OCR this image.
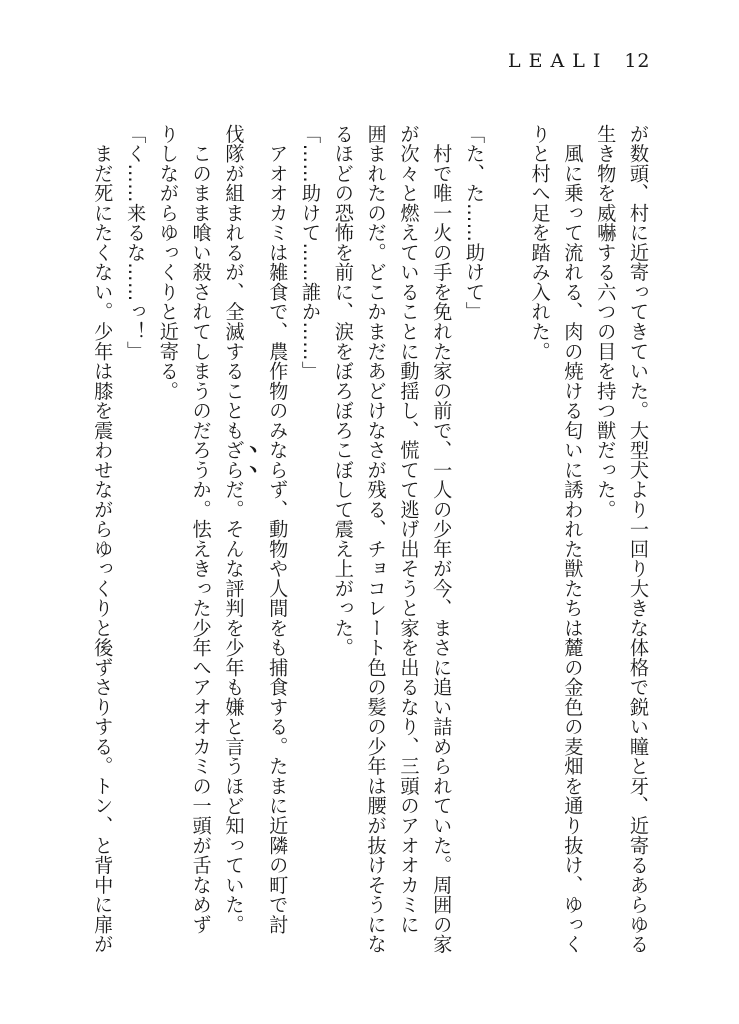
LEALI 12
が数頭、村に近寄ってきていた。大型犬より一回り大きな体格で鋭い瞳と牙、近寄るあらゆる
生き物を威嚇する六つの目を持つ獣だった。
　風に乗って流れる、肉の焼ける匂いに誘われた獣たちは麓の金色の麦畑を通り抜け、ゆっく
りと村へ足を踏み入れた。
「た、た……助けて」
　村で唯一火の手を免れた家の前で、一人の少年が今、まさに追い詰められていた。周囲の家
が次々と燃えていることに動揺し、慌てて逃げ出そうと家を出るなり、三頭のアオオカミに
囲まれたのだ。どこかまだあどけなさが残る、チョコレート色の髪の少年は腰が抜けそうにな
るほどの恐怖を前に、涙をぼろぼろこぼして震え上がった。
「……助けて……誰か……」
　アオオカミは雑食で、農作物のみならず、動物や人間をも捕食する。たまに近隣の町で討
伐隊が組まれるが、全滅することもざらだ。そんな評判を少年も嫌と言うほど知っていた。
　このまま喰い殺されてしまうのだろうか。怯えきった少年へアオオカミの一頭が舌なめず
りしながらゆっくりと近寄る。
「く……来るな……っ！」
　まだ死にたくない。少年は膝を震わせながらゆっくりと後ずさりする。トン、と背中に扉が
